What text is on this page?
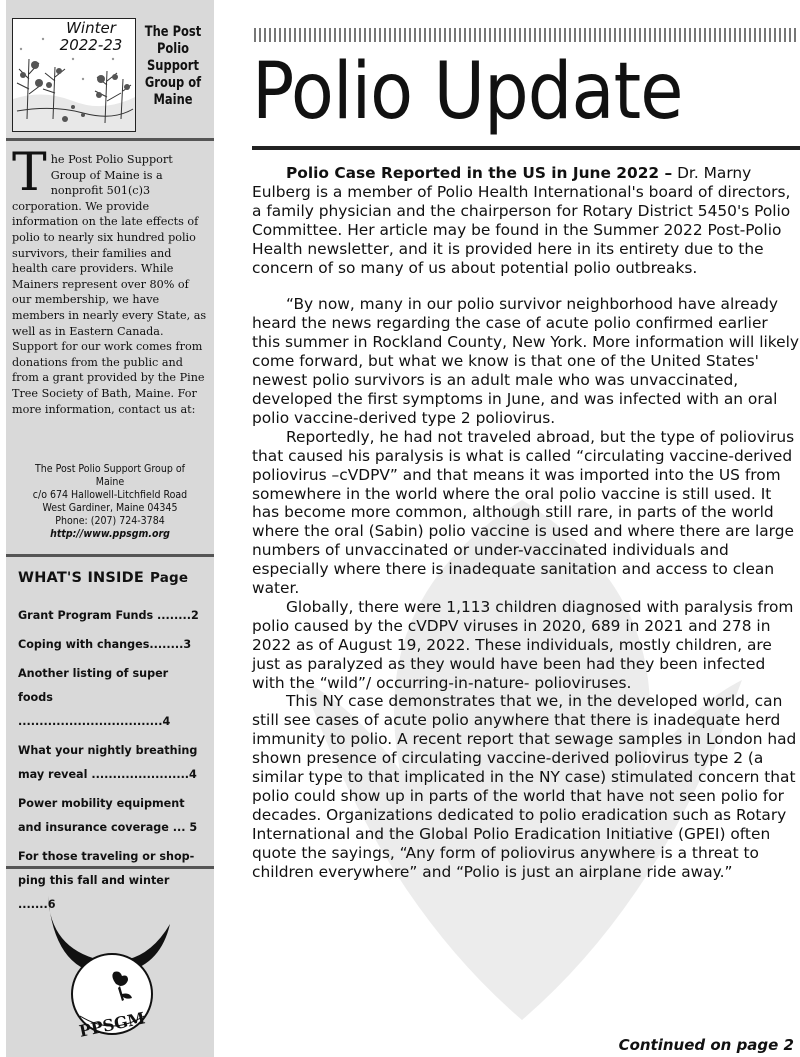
Winter
2022-23
The Post
Polio
Support
Group of
Maine
The Post Polio Support Group of Maine is a nonprofit 501(c)3 corporation. We provide information on the late effects of polio to nearly six hundred polio survivors, their families and health care providers. While Mainers represent over 80% of our membership, we have members in nearly every State, as well as in Eastern Canada. Support for our work comes from donations from the public and from a grant provided by the Pine Tree Society of Bath, Maine. For more information, contact us at:
The Post Polio Support Group of Maine
c/o 674 Hallowell-Litchfield Road
West Gardiner, Maine 04345
Phone: (207) 724-3784
http://www.ppsgm.org
WHAT'S INSIDE Page
Grant Program Funds ........2
Coping with changes........3
Another listing of super
foods ..................................4
What your nightly breathing
may reveal .......................4
Power mobility equipment
and insurance coverage ... 5
For those traveling or shop-
ping this fall and winter .......6
PPSGM
Polio Update

Polio Case Reported in the US in June 2022 – Dr. Marny Eulberg is a member of Polio Health International's board of directors, a family physician and the chairperson for Rotary District 5450's Polio Committee. Her article may be found in the Summer 2022 Post-Polio Health newsletter, and it is provided here in its entirety due to the concern of so many of us about potential polio outbreaks.

“By now, many in our polio survivor neighborhood have already heard the news regarding the case of acute polio confirmed earlier this summer in Rockland County, New York. More information will likely come forward, but what we know is that one of the United States' newest polio survivors is an adult male who was unvaccinated, developed the first symptoms in June, and was infected with an oral polio vaccine-derived type 2 poliovirus.

Reportedly, he had not traveled abroad, but the type of poliovirus that caused his paralysis is what is called “circulating vaccine-derived poliovirus –cVDPV” and that means it was imported into the US from somewhere in the world where the oral polio vaccine is still used. It has become more common, although still rare, in parts of the world where the oral (Sabin) polio vaccine is used and where there are large numbers of unvaccinated or under-vaccinated individuals and especially where there is inadequate sanitation and access to clean water.

Globally, there were 1,113 children diagnosed with paralysis from polio caused by the cVDPV viruses in 2020, 689 in 2021 and 278 in 2022 as of August 19, 2022. These individuals, mostly children, are just as paralyzed as they would have been had they been infected with the “wild”/ occurring-in-nature- polioviruses.

This NY case demonstrates that we, in the developed world, can still see cases of acute polio anywhere that there is inadequate herd immunity to polio. A recent report that sewage samples in London had shown presence of circulating vaccine-derived poliovirus type 2 (a similar type to that implicated in the NY case) stimulated concern that polio could show up in parts of the world that have not seen polio for decades. Organizations dedicated to polio eradication such as Rotary International and the Global Polio Eradication Initiative (GPEI) often quote the sayings, “Any form of poliovirus anywhere is a threat to children everywhere” and “Polio is just an airplane ride away.”

Continued on page 2
